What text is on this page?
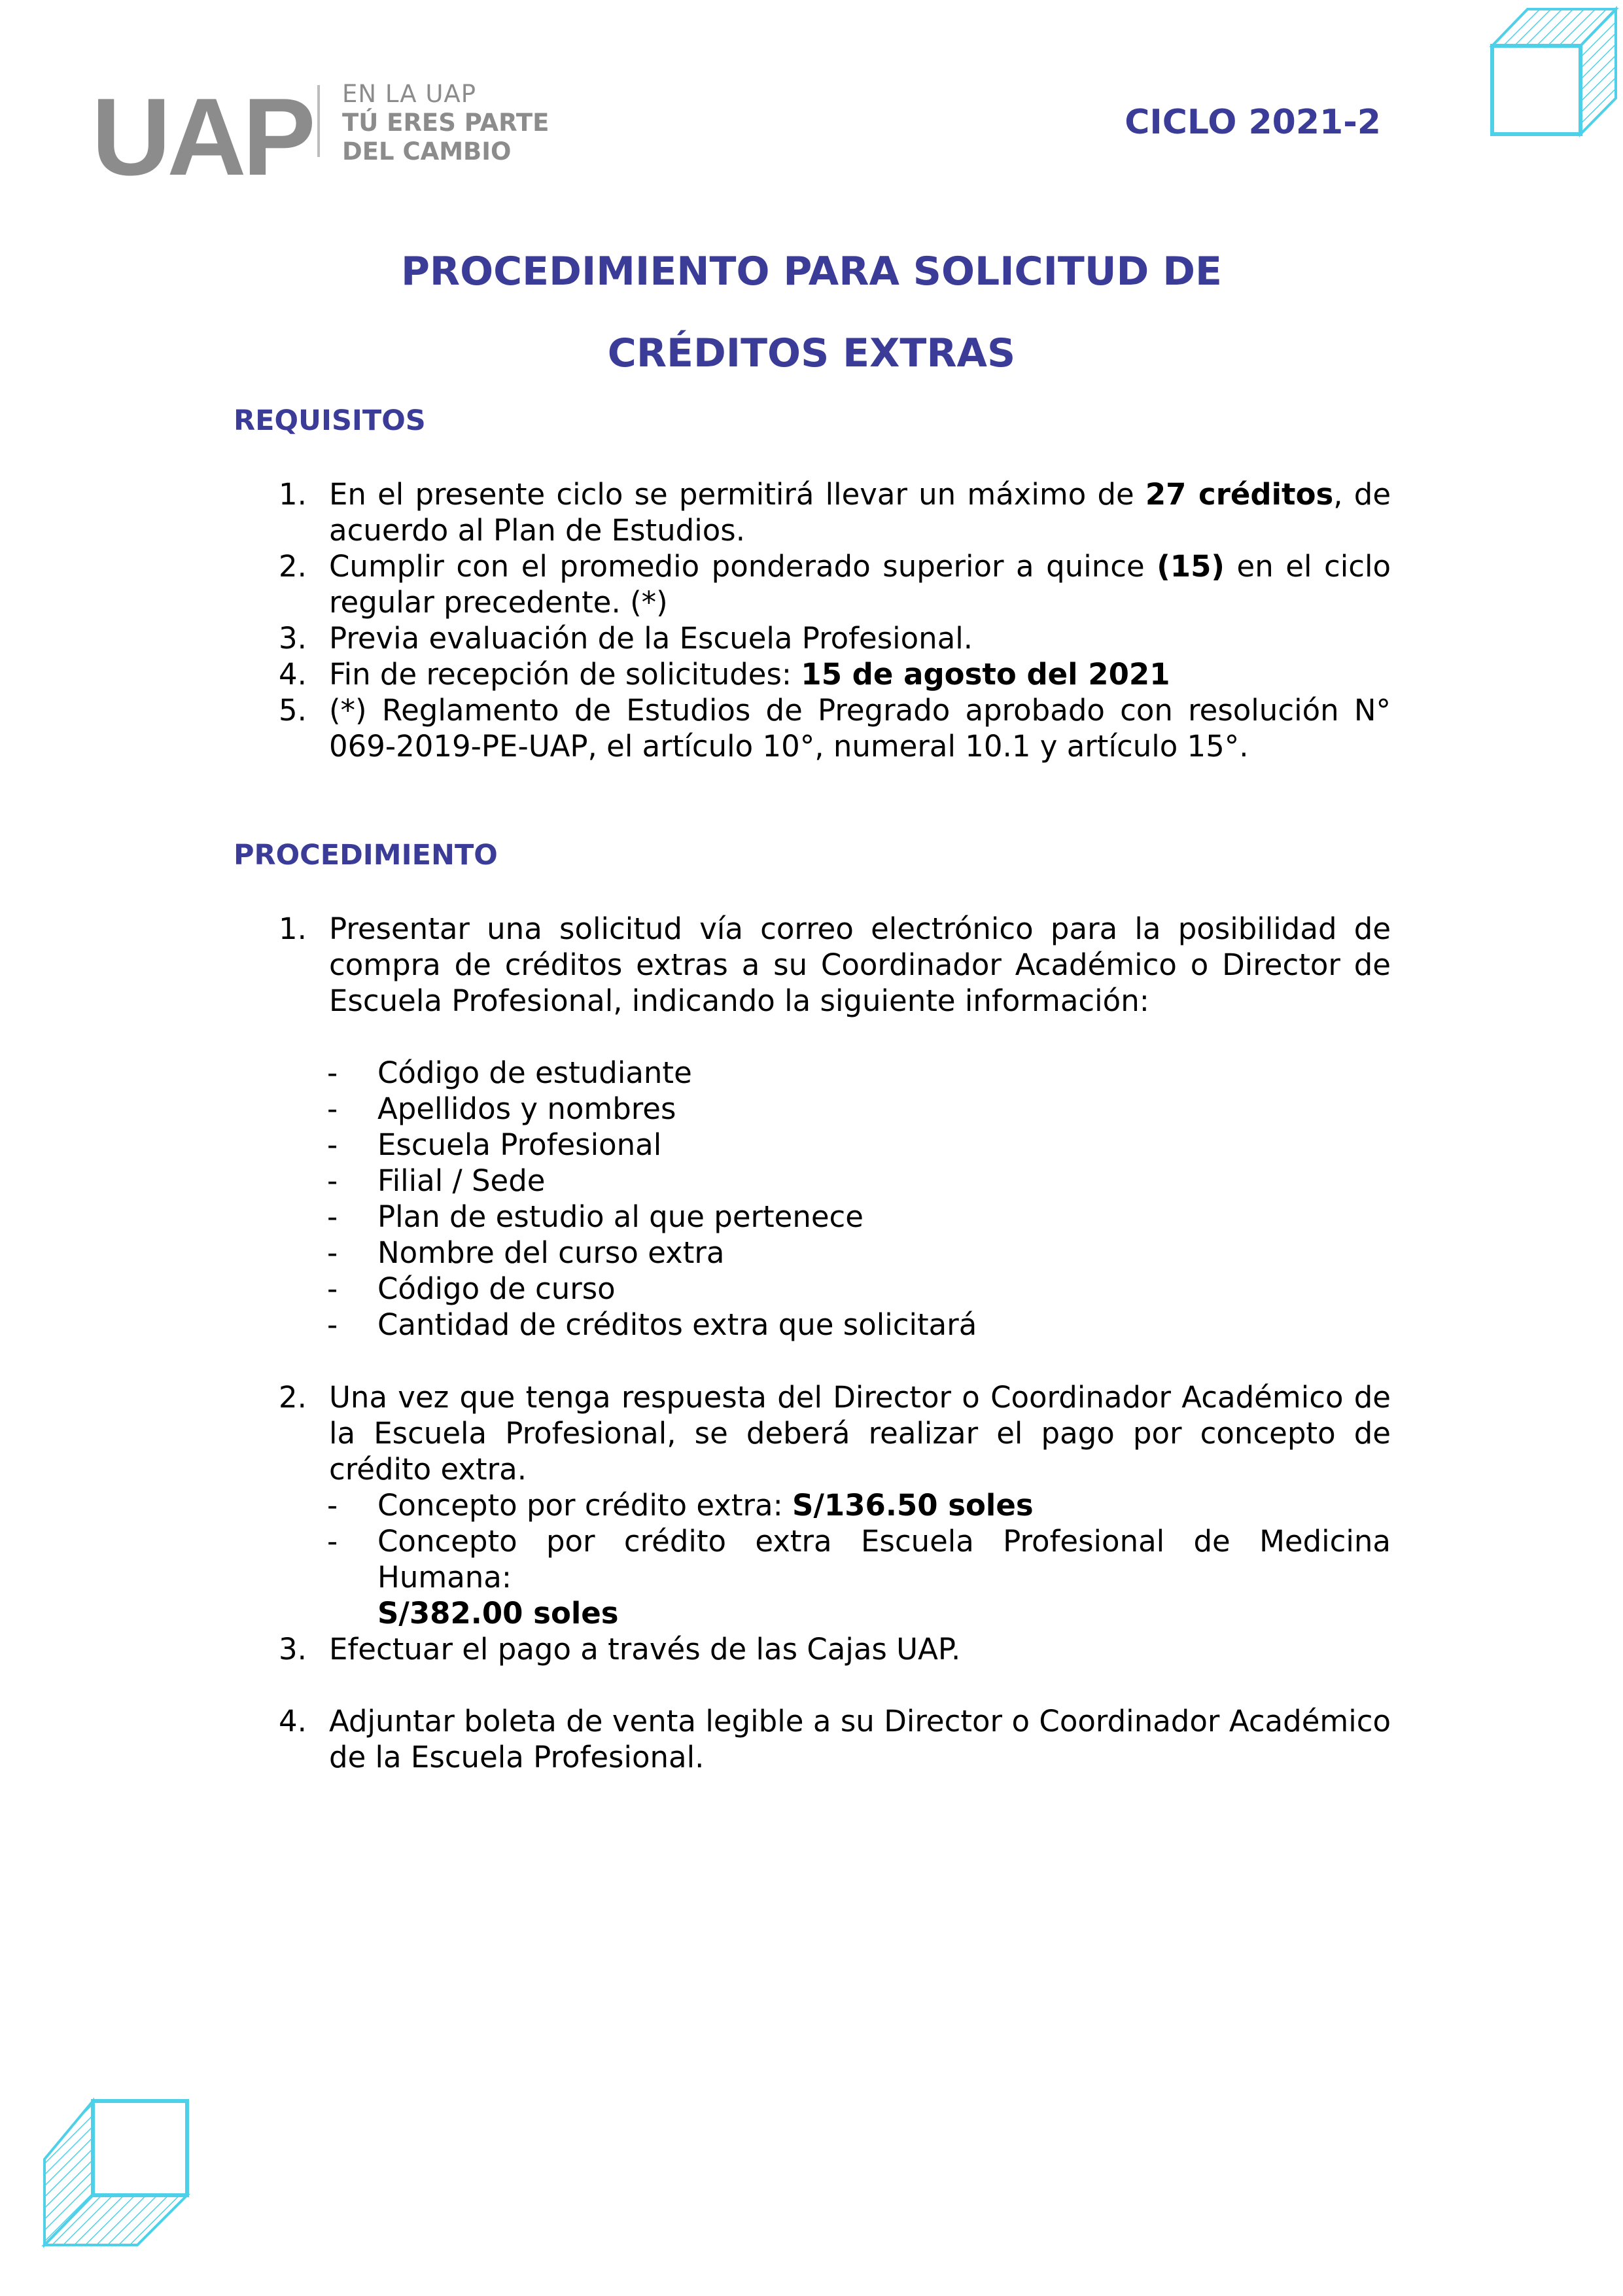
UAP EN LA UAP
TÚ ERES PARTE
DEL CAMBIO
CICLO 2021-2
PROCEDIMIENTO PARA SOLICITUD DE
CRÉDITOS EXTRAS
REQUISITOS
1. En el presente ciclo se permitirá llevar un máximo de 27 créditos, de acuerdo al Plan de Estudios.
2. Cumplir con el promedio ponderado superior a quince (15) en el ciclo regular precedente. (*)
3. Previa evaluación de la Escuela Profesional.
4. Fin de recepción de solicitudes: 15 de agosto del 2021
5. (*) Reglamento de Estudios de Pregrado aprobado con resolución N° 069-2019-PE-UAP, el artículo 10°, numeral 10.1 y artículo 15°.
PROCEDIMIENTO
1. Presentar una solicitud vía correo electrónico para la posibilidad de compra de créditos extras a su Coordinador Académico o Director de Escuela Profesional, indicando la siguiente información:
- Código de estudiante
- Apellidos y nombres
- Escuela Profesional
- Filial / Sede
- Plan de estudio al que pertenece
- Nombre del curso extra
- Código de curso
- Cantidad de créditos extra que solicitará
2. Una vez que tenga respuesta del Director o Coordinador Académico de la Escuela Profesional, se deberá realizar el pago por concepto de crédito extra.
- Concepto por crédito extra: S/136.50 soles
- Concepto por crédito extra Escuela Profesional de Medicina Humana:
S/382.00 soles
3. Efectuar el pago a través de las Cajas UAP.
4. Adjuntar boleta de venta legible a su Director o Coordinador Académico de la Escuela Profesional.
